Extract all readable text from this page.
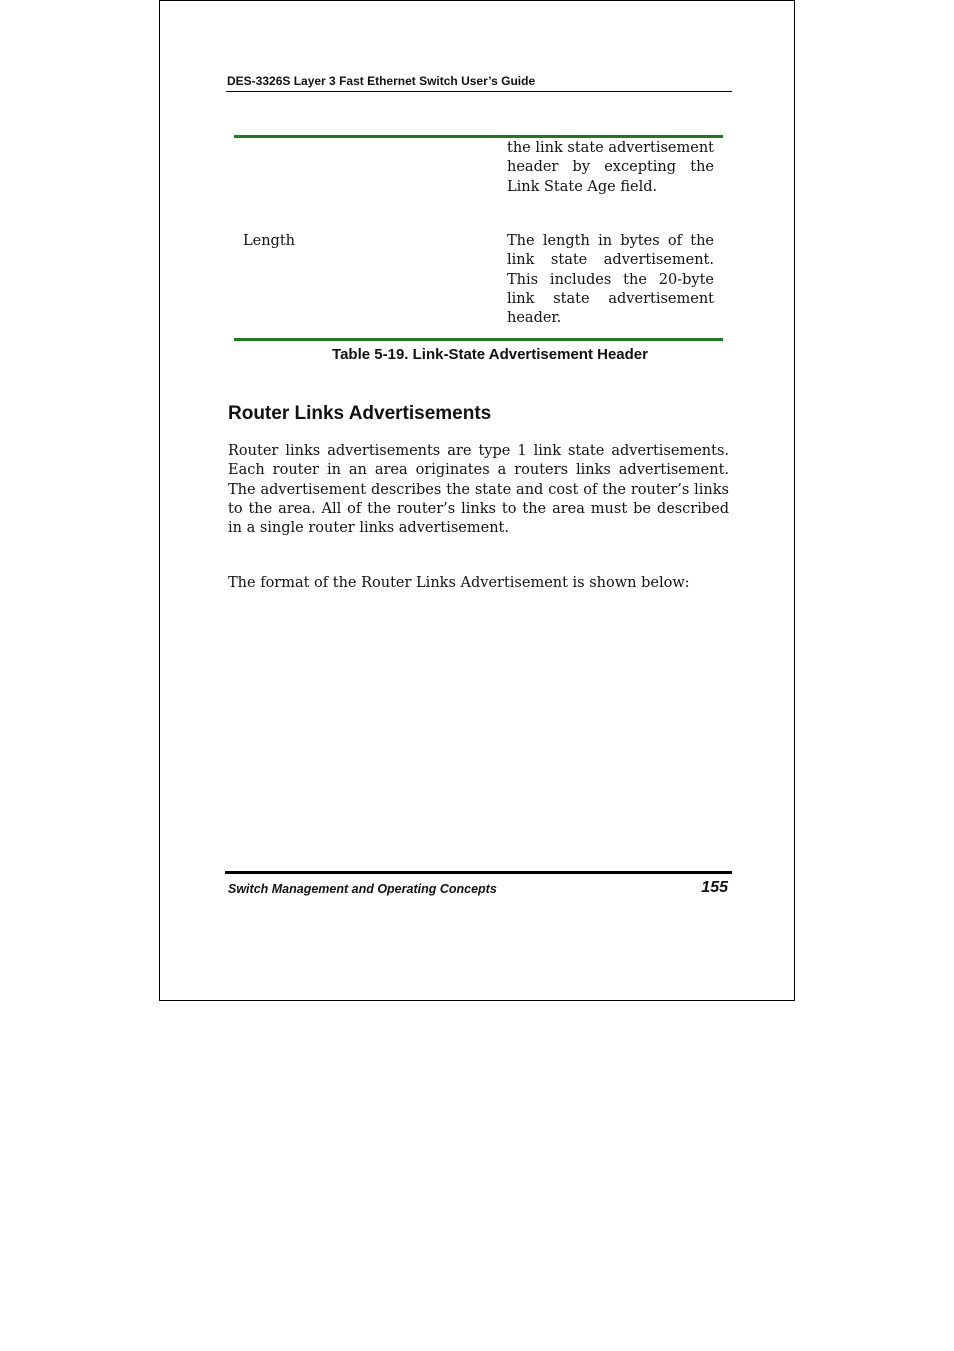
DES-3326S Layer 3 Fast Ethernet Switch User’s Guide
the link state advertisement header by excepting the Link State Age field.
Length	The length in bytes of the link state advertisement. This includes the 20-byte link state advertisement header.
Table 5-19. Link-State Advertisement Header
Router Links Advertisements

Router links advertisements are type 1 link state advertisements. Each router in an area originates a routers links advertisement. The advertisement describes the state and cost of the router’s links to the area. All of the router’s links to the area must be described in a single router links advertisement.

The format of the Router Links Advertisement is shown below:

Switch Management and Operating Concepts	155
